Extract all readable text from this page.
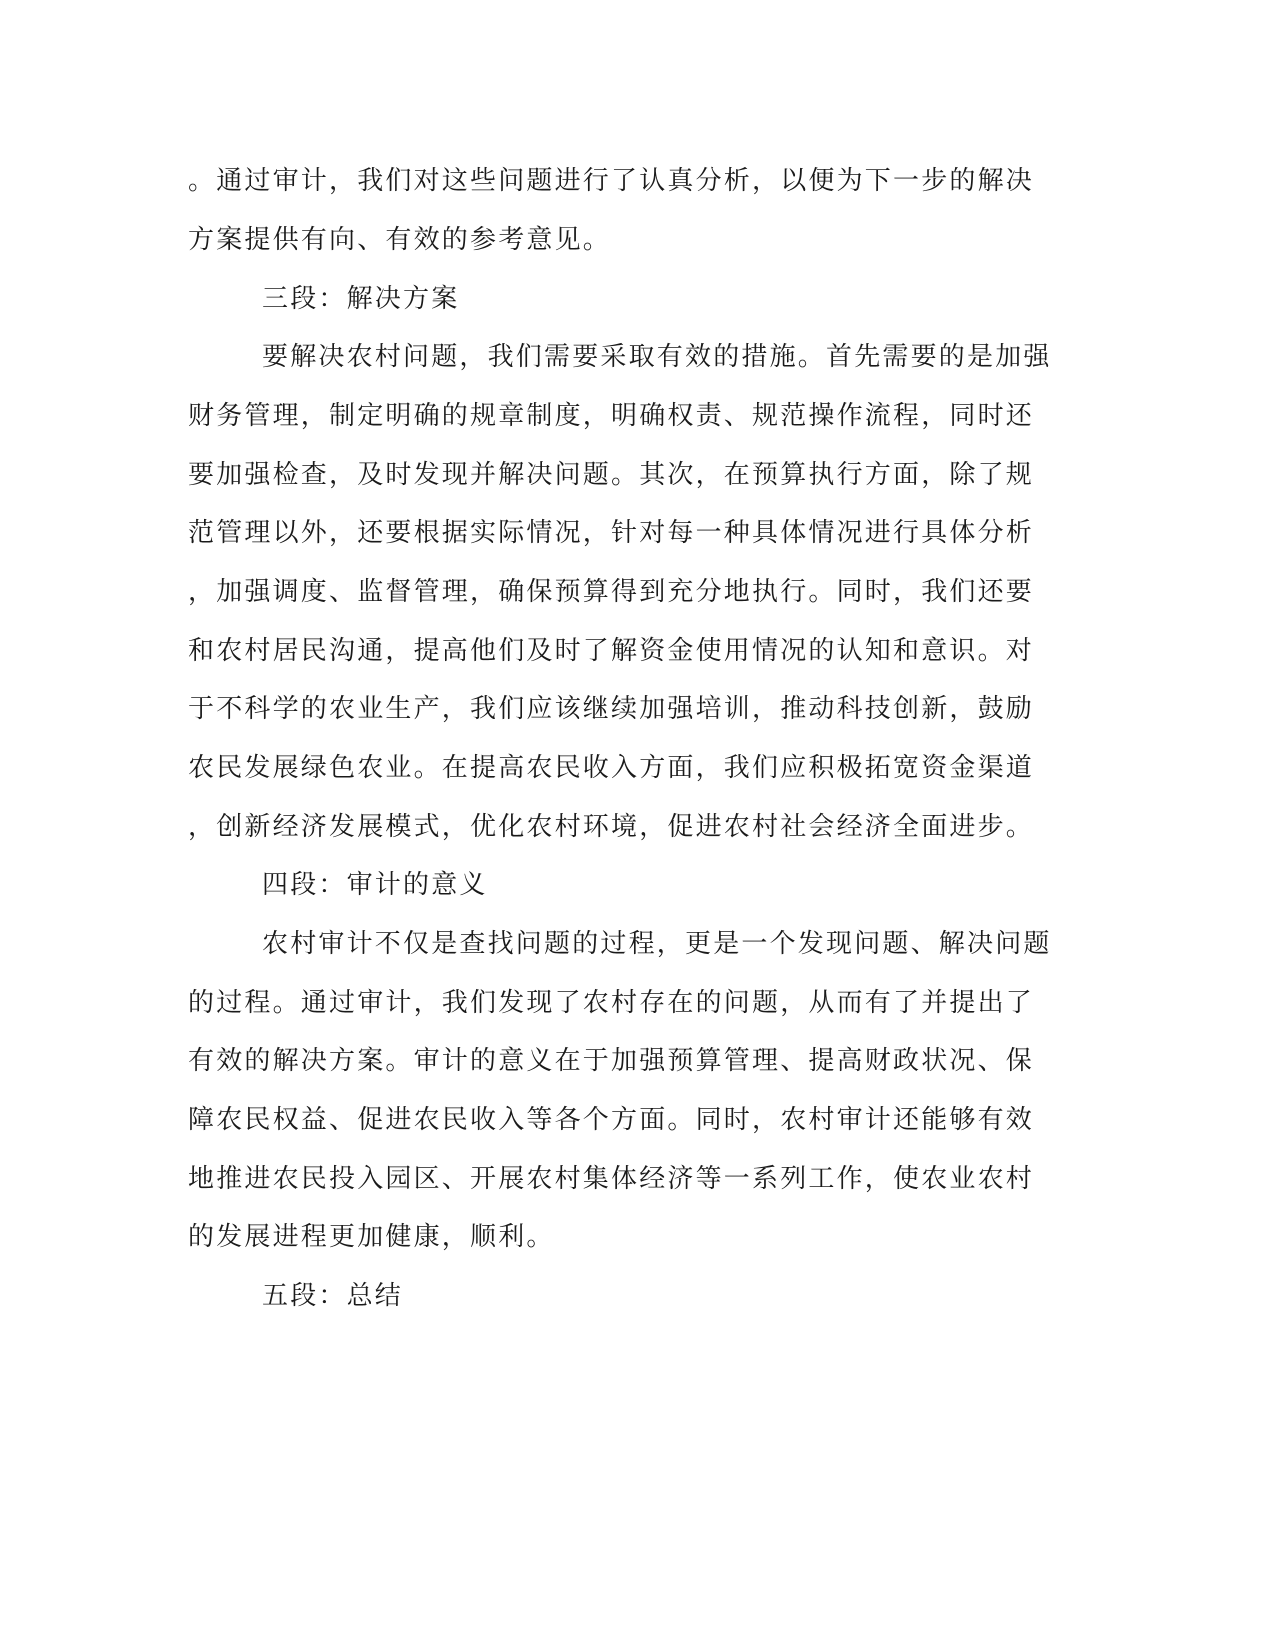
。通过审计，我们对这些问题进行了认真分析，以便为下一步的解决
方案提供有向、有效的参考意见。
三段：解决方案
要解决农村问题，我们需要采取有效的措施。首先需要的是加强
财务管理，制定明确的规章制度，明确权责、规范操作流程，同时还
要加强检查，及时发现并解决问题。其次，在预算执行方面，除了规
范管理以外，还要根据实际情况，针对每一种具体情况进行具体分析
，加强调度、监督管理，确保预算得到充分地执行。同时，我们还要
和农村居民沟通，提高他们及时了解资金使用情况的认知和意识。对
于不科学的农业生产，我们应该继续加强培训，推动科技创新，鼓励
农民发展绿色农业。在提高农民收入方面，我们应积极拓宽资金渠道
，创新经济发展模式，优化农村环境，促进农村社会经济全面进步。
四段：审计的意义
农村审计不仅是查找问题的过程，更是一个发现问题、解决问题
的过程。通过审计，我们发现了农村存在的问题，从而有了并提出了
有效的解决方案。审计的意义在于加强预算管理、提高财政状况、保
障农民权益、促进农民收入等各个方面。同时，农村审计还能够有效
地推进农民投入园区、开展农村集体经济等一系列工作，使农业农村
的发展进程更加健康，顺利。
五段：总结
